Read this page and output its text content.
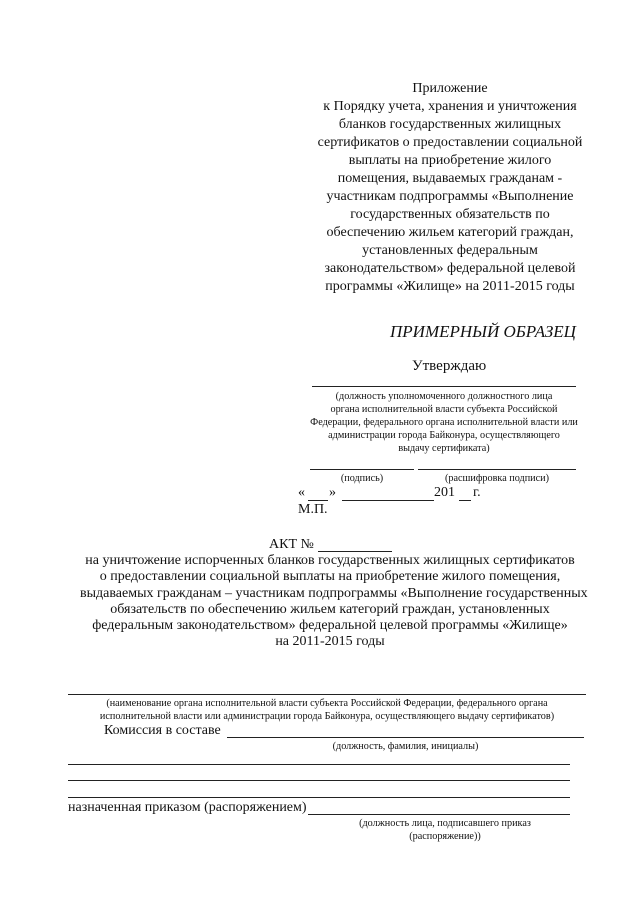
Приложение
к Порядку учета, хранения и уничтожения
бланков государственных жилищных
сертификатов о предоставлении социальной
выплаты на приобретение жилого
помещения, выдаваемых гражданам -
участникам подпрограммы «Выполнение
государственных обязательств по
обеспечению жильем категорий граждан,
установленных федеральным
законодательством» федеральной целевой
программы «Жилище» на 2011-2015 годы
ПРИМЕРНЫЙ ОБРАЗЕЦ
Утверждаю
(должность уполномоченного должностного лица
органа исполнительной власти субъекта Российской
Федерации, федерального органа исполнительной власти или
администрации города Байконура, осуществляющего
выдачу сертификата)
(подпись)	(расшифровка подписи)
« »	201 г.
М.П.
АКТ №
на уничтожение испорченных бланков государственных жилищных сертификатов
о предоставлении социальной выплаты на приобретение жилого помещения,
выдаваемых гражданам – участникам подпрограммы «Выполнение государственных
обязательств по обеспечению жильем категорий граждан, установленных
федеральным законодательством» федеральной целевой программы «Жилище»
на 2011-2015 годы
(наименование органа исполнительной власти субъекта Российской Федерации, федерального органа
исполнительной власти или администрации города Байконура, осуществляющего выдачу сертификатов)
Комиссия в составе
(должность, фамилия, инициалы)
назначенная приказом (распоряжением)
(должность лица, подписавшего приказ
(распоряжение))
